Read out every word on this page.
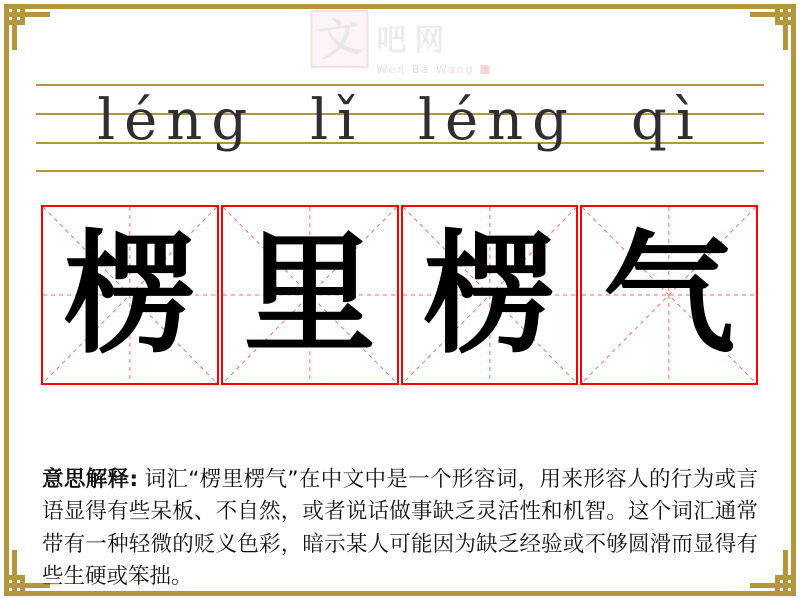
文 吧网
Wen Ba Wang
léng lǐ léng qì
楞 里 楞 气

意思解释: 词汇“楞里楞气”在中文中是一个形容词，用来形容人的行为或言语显得有些呆板、不自然，或者说话做事缺乏灵活性和机智。这个词汇通常带有一种轻微的贬义色彩，暗示某人可能因为缺乏经验或不够圆滑而显得有些生硬或笨拙。
